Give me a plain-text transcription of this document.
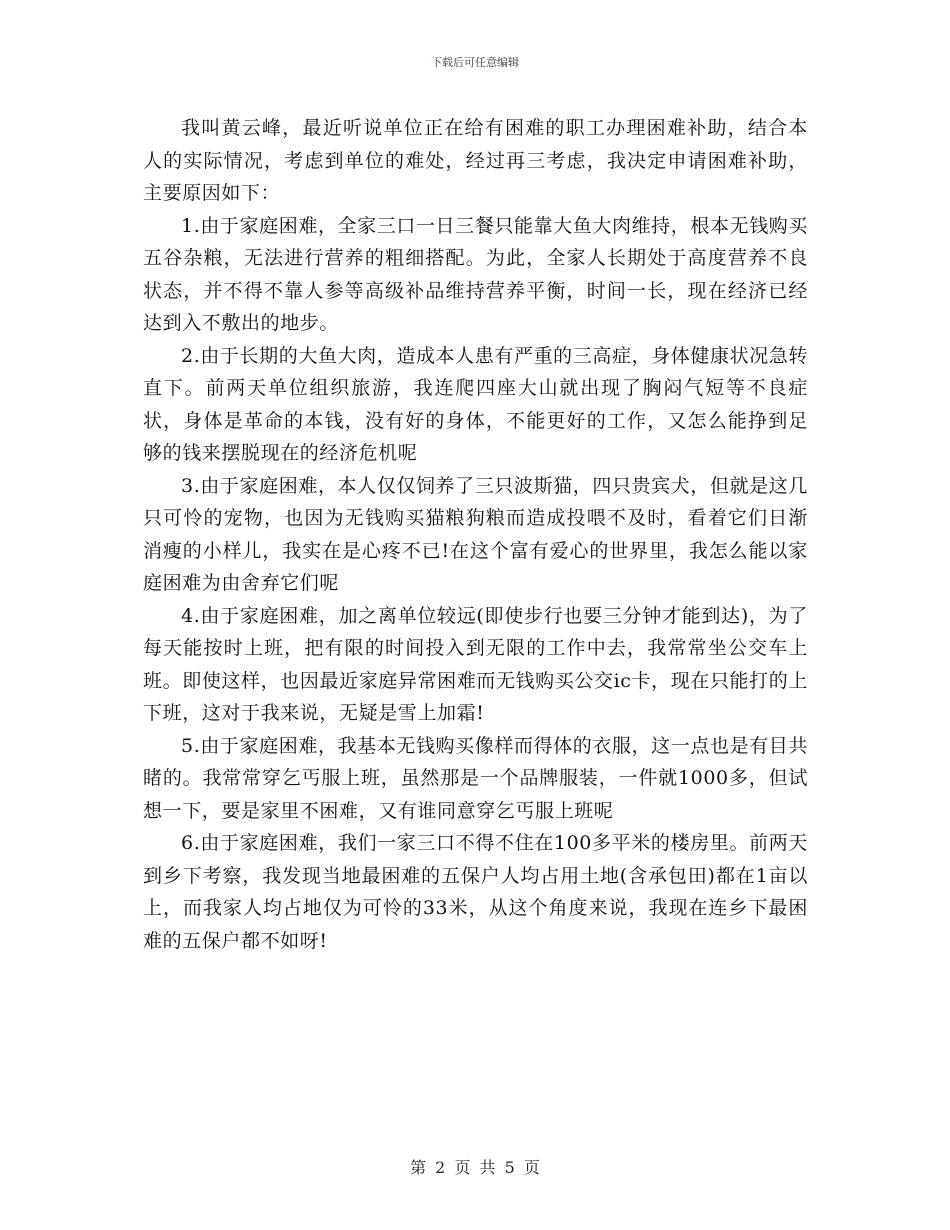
下载后可任意编辑

我叫黄云峰，最近听说单位正在给有困难的职工办理困难补助，结合本人的实际情况，考虑到单位的难处，经过再三考虑，我决定申请困难补助，主要原因如下：

1.由于家庭困难，全家三口一日三餐只能靠大鱼大肉维持，根本无钱购买五谷杂粮，无法进行营养的粗细搭配。为此，全家人长期处于高度营养不良状态，并不得不靠人参等高级补品维持营养平衡，时间一长，现在经济已经达到入不敷出的地步。

2.由于长期的大鱼大肉，造成本人患有严重的三高症，身体健康状况急转直下。前两天单位组织旅游，我连爬四座大山就出现了胸闷气短等不良症状，身体是革命的本钱，没有好的身体，不能更好的工作，又怎么能挣到足够的钱来摆脱现在的经济危机呢

3.由于家庭困难，本人仅仅饲养了三只波斯猫，四只贵宾犬，但就是这几只可怜的宠物，也因为无钱购买猫粮狗粮而造成投喂不及时，看着它们日渐消瘦的小样儿，我实在是心疼不已!在这个富有爱心的世界里，我怎么能以家庭困难为由舍弃它们呢

4.由于家庭困难，加之离单位较远(即使步行也要三分钟才能到达)，为了每天能按时上班，把有限的时间投入到无限的工作中去，我常常坐公交车上班。即使这样，也因最近家庭异常困难而无钱购买公交ic卡，现在只能打的上下班，这对于我来说，无疑是雪上加霜!

5.由于家庭困难，我基本无钱购买像样而得体的衣服，这一点也是有目共睹的。我常常穿乞丐服上班，虽然那是一个品牌服装，一件就1000多，但试想一下，要是家里不困难，又有谁同意穿乞丐服上班呢

6.由于家庭困难，我们一家三口不得不住在100多平米的楼房里。前两天到乡下考察，我发现当地最困难的五保户人均占用土地(含承包田)都在1亩以上，而我家人均占地仅为可怜的33米，从这个角度来说，我现在连乡下最困难的五保户都不如呀!

第 2 页 共 5 页
